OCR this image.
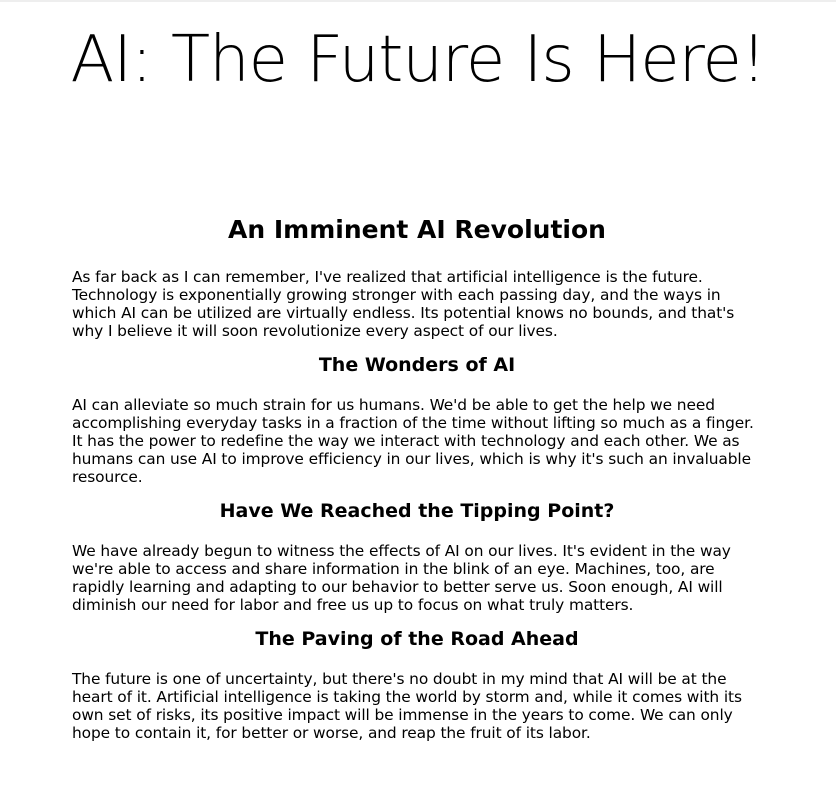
AI: The Future Is Here!
An Imminent AI Revolution

As far back as I can remember, I've realized that artificial intelligence is the future. Technology is exponentially growing stronger with each passing day, and the ways in which AI can be utilized are virtually endless. Its potential knows no bounds, and that's why I believe it will soon revolutionize every aspect of our lives.

The Wonders of AI

AI can alleviate so much strain for us humans. We'd be able to get the help we need accomplishing everyday tasks in a fraction of the time without lifting so much as a finger. It has the power to redefine the way we interact with technology and each other. We as humans can use AI to improve efficiency in our lives, which is why it's such an invaluable resource.

Have We Reached the Tipping Point?

We have already begun to witness the effects of AI on our lives. It's evident in the way we're able to access and share information in the blink of an eye. Machines, too, are rapidly learning and adapting to our behavior to better serve us. Soon enough, AI will diminish our need for labor and free us up to focus on what truly matters.

The Paving of the Road Ahead

The future is one of uncertainty, but there's no doubt in my mind that AI will be at the heart of it. Artificial intelligence is taking the world by storm and, while it comes with its own set of risks, its positive impact will be immense in the years to come. We can only hope to contain it, for better or worse, and reap the fruit of its labor.
